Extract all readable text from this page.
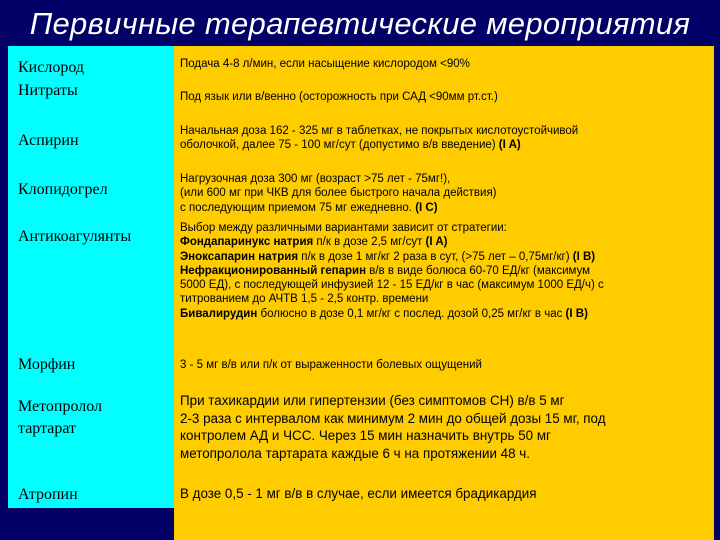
Первичные терапевтические мероприятия
Кислород
Нитраты
Аспирин
Клопидогрел
Антикоагулянты
Морфин
Метопролол
тартарат
Атропин
Подача 4-8 л/мин, если насыщение кислородом <90%
Под язык или в/венно (осторожность при САД <90мм рт.ст.)
Начальная доза 162 - 325 мг в таблетках, не покрытых кислотоустойчивой
оболочкой, далее 75 - 100 мг/сут (допустимо в/в введение) (I A)
Нагрузочная доза 300 мг (возраст >75 лет - 75мг!),
(или 600 мг при ЧКВ для более быстрого начала действия)
с последующим приемом 75 мг ежедневно. (I C)
Выбор между различными вариантами зависит от стратегии:
Фондапаринукс натрия п/к в дозе 2,5 мг/сут (I A)
Эноксапарин натрия п/к в дозе 1 мг/кг 2 раза в сут, (>75 лет – 0,75мг/кг) (I B)
Нефракционированный гепарин в/в в виде болюса 60-70 ЕД/кг (максимум
5000 ЕД), с последующей инфузией 12 - 15 ЕД/кг в час (максимум 1000 ЕД/ч) с
титрованием до АЧТВ 1,5 - 2,5 контр. времени
Бивалирудин болюсно в дозе 0,1 мг/кг с послед. дозой 0,25 мг/кг в час (I B)
3 - 5 мг в/в или п/к от выраженности болевых ощущений
При тахикардии или гипертензии (без симптомов СН) в/в 5 мг
2-3 раза с интервалом как минимум 2 мин до общей дозы 15 мг, под
контролем АД и ЧСС. Через 15 мин назначить внутрь 50 мг
метопролола тартарата каждые 6 ч на протяжении 48 ч.
В дозе 0,5 - 1 мг в/в в случае, если имеется брадикардия
